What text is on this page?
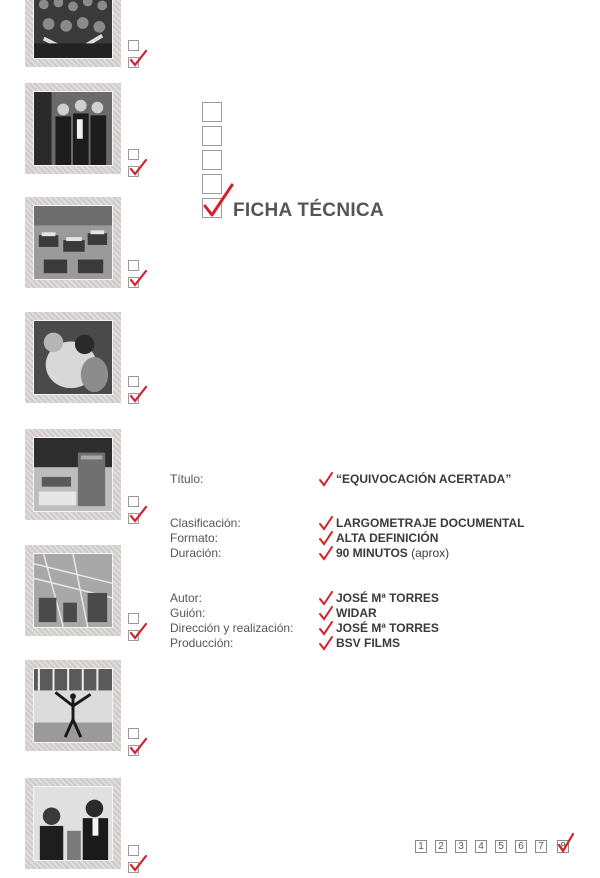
FICHA TÉCNICA
Título:	“EQUIVOCACIÓN ACERTADA”
Clasificación:	LARGOMETRAJE DOCUMENTAL
Formato:	ALTA DEFINICIÓN
Duración:	90 MINUTOS (aprox)
Autor:	JOSÉ Mª TORRES
Guión:	WIDAR
Dirección y realización:	JOSÉ Mª TORRES
Producción:	BSV FILMS
1	2	3	4	5	6	7	8
